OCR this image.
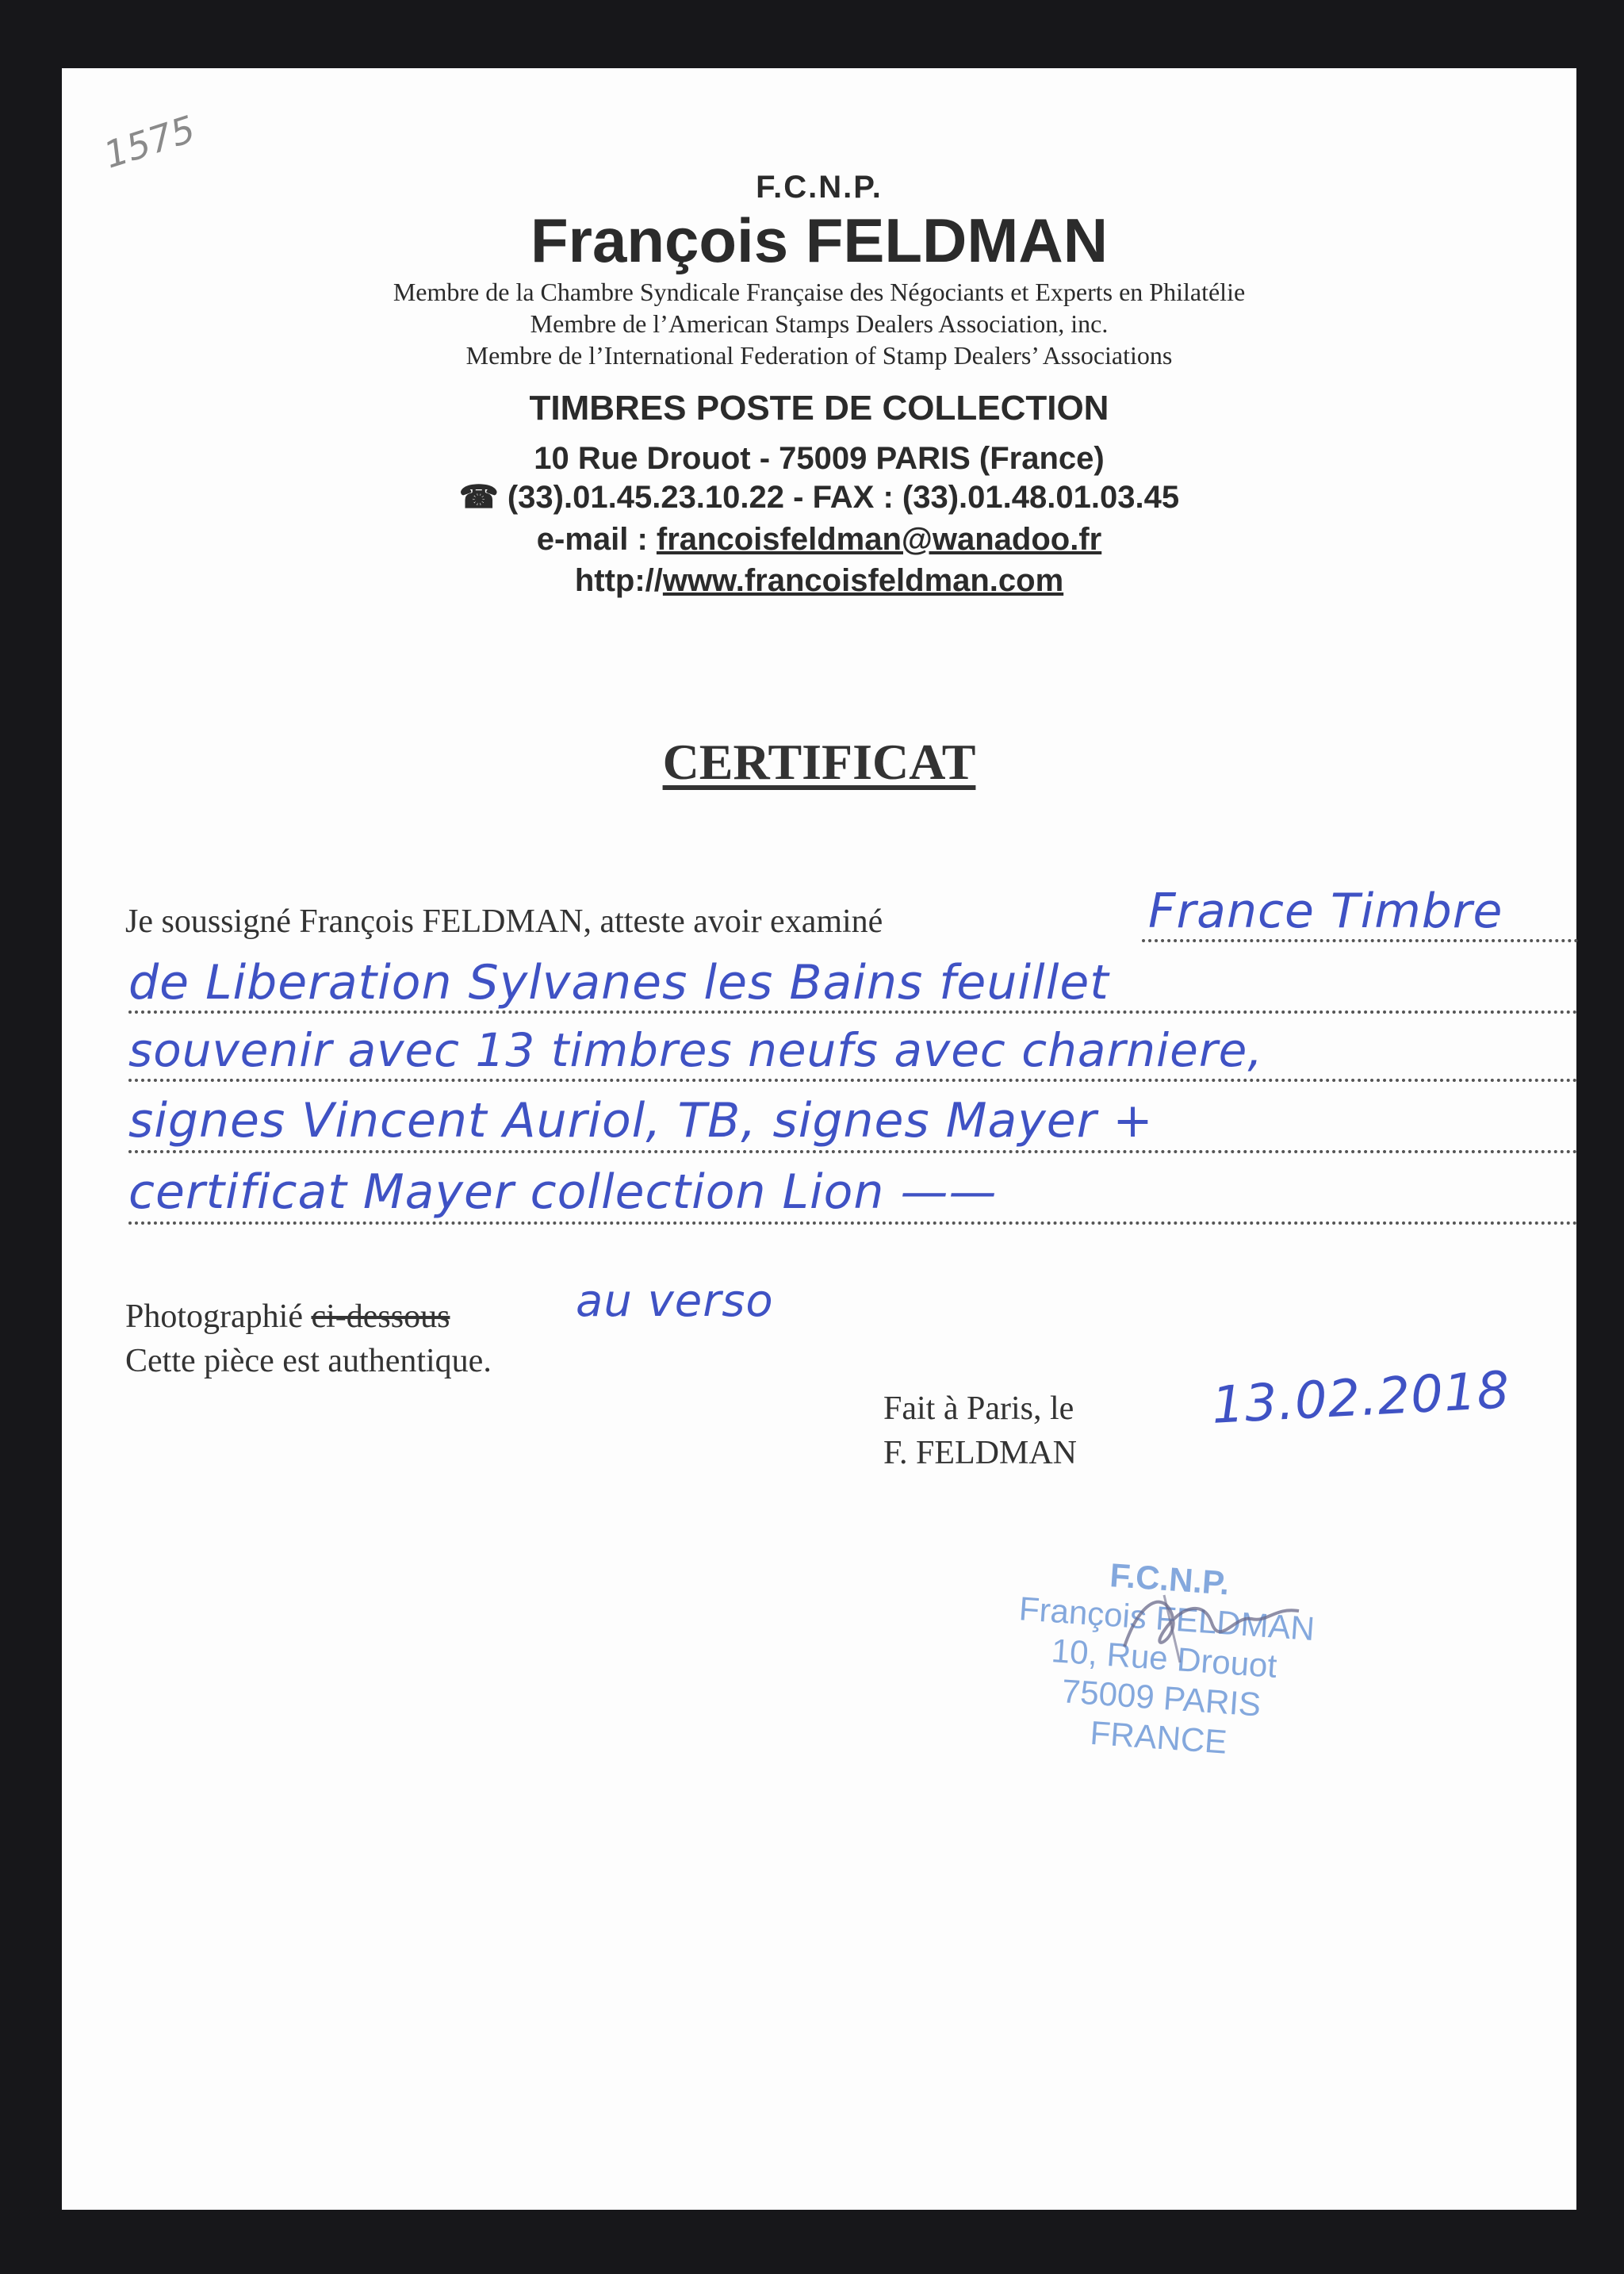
1575
F.C.N.P.
François FELDMAN
Membre de la Chambre Syndicale Française des Négociants et Experts en Philatélie
Membre de l’American Stamps Dealers Association, inc.
Membre de l’International Federation of Stamp Dealers’ Associations
TIMBRES POSTE DE COLLECTION
10 Rue Drouot - 75009 PARIS (France)
☎ (33).01.45.23.10.22 - FAX : (33).01.48.01.03.45
e-mail : francoisfeldman@wanadoo.fr
http://www.francoisfeldman.com
CERTIFICAT
Je soussigné François FELDMAN, atteste avoir examiné	France Timbre
de Liberation Sylvanes les Bains feuillet
souvenir avec 13 timbres neufs avec charniere,
signes Vincent Auriol, TB, signes Mayer +
certificat Mayer collection Lion ——
Photographié ci-dessous	au verso
Cette pièce est authentique.
Fait à Paris, le	13.02.2018
F. FELDMAN
F.C.N.P.
François FELDMAN
10, Rue Drouot
75009 PARIS
FRANCE
